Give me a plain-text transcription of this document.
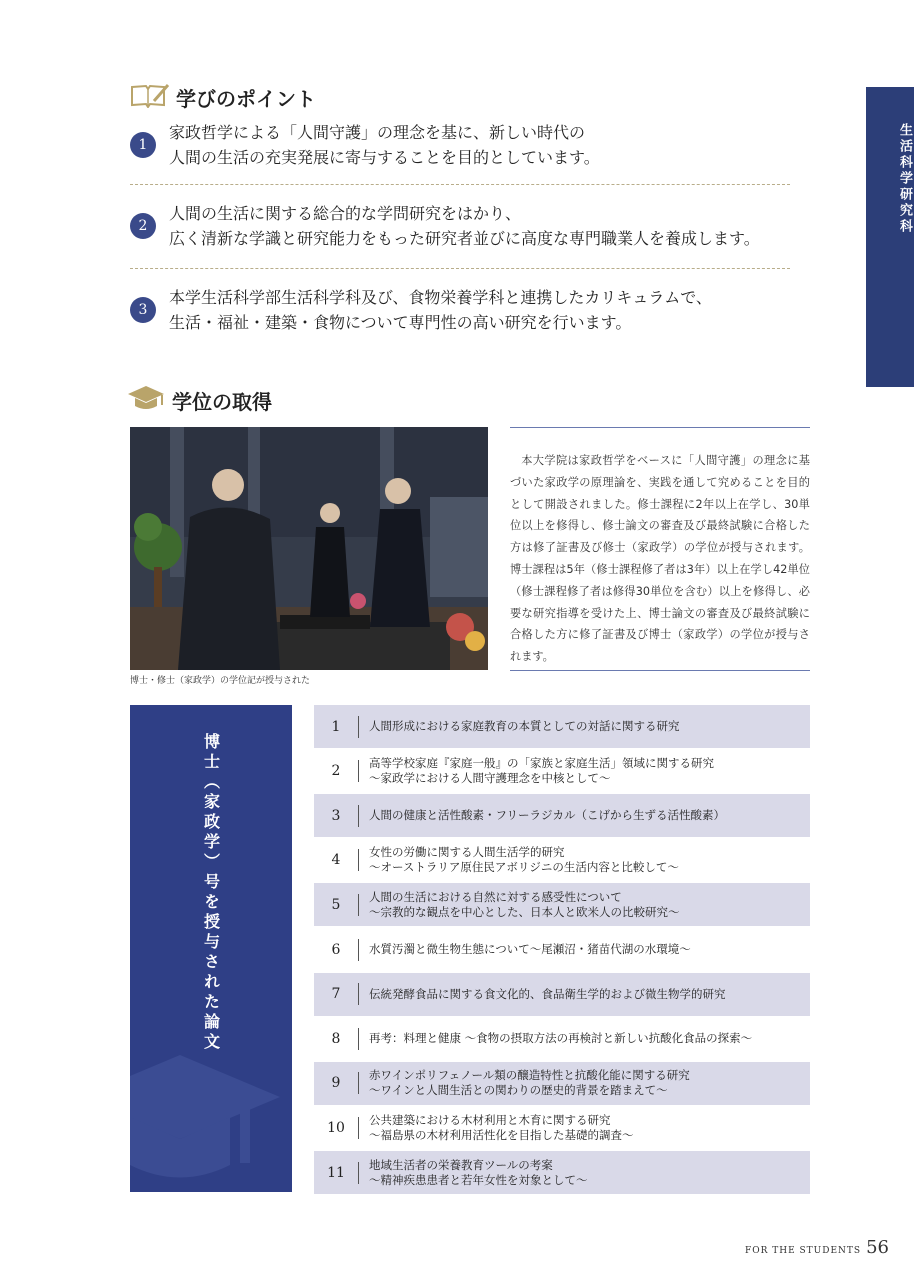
生活科学研究科
学びのポイント
1
家政哲学による「人間守護」の理念を基に、新しい時代の
人間の生活の充実発展に寄与することを目的としています。
2
人間の生活に関する総合的な学問研究をはかり、
広く清新な学識と研究能力をもった研究者並びに高度な専門職業人を養成します。
3
本学生活科学部生活科学科及び、食物栄養学科と連携したカリキュラムで、
生活・福祉・建築・食物について専門性の高い研究を行います。
学位の取得
博士・修士（家政学）の学位記が授与された
本大学院は家政哲学をベースに「人間守護」の理念に基づいた家政学の原理論を、実践を通して究めることを目的として開設されました。修士課程に2年以上在学し、30単位以上を修得し、修士論文の審査及び最終試験に合格した方は修了証書及び修士（家政学）の学位が授与されます。博士課程は5年（修士課程修了者は3年）以上在学し42単位（修士課程修了者は修得30単位を含む）以上を修得し、必要な研究指導を受けた上、博士論文の審査及び最終試験に合格した方に修了証書及び博士（家政学）の学位が授与されます。
博士（家政学）号を授与された論文
1	人間形成における家庭教育の本質としての対話に関する研究
2	高等学校家庭『家庭一般』の「家族と家庭生活」領域に関する研究
～家政学における人間守護理念を中核として～
3	人間の健康と活性酸素・フリーラジカル（こげから生ずる活性酸素）
4	女性の労働に関する人間生活学的研究
～オーストラリア原住民アボリジニの生活内容と比較して～
5	人間の生活における自然に対する感受性について
～宗教的な観点を中心とした、日本人と欧米人の比較研究～
6	水質汚濁と微生物生態について～尾瀬沼・猪苗代湖の水環境～
7	伝統発酵食品に関する食文化的、食品衛生学的および微生物学的研究
8	再考：料理と健康 ～食物の摂取方法の再検討と新しい抗酸化食品の探索～
9	赤ワインポリフェノール類の醸造特性と抗酸化能に関する研究
～ワインと人間生活との関わりの歴史的背景を踏まえて～
10	公共建築における木材利用と木育に関する研究
～福島県の木材利用活性化を目指した基礎的調査～
11	地域生活者の栄養教育ツールの考案
～精神疾患患者と若年女性を対象として～
FOR THE STUDENTS 56
